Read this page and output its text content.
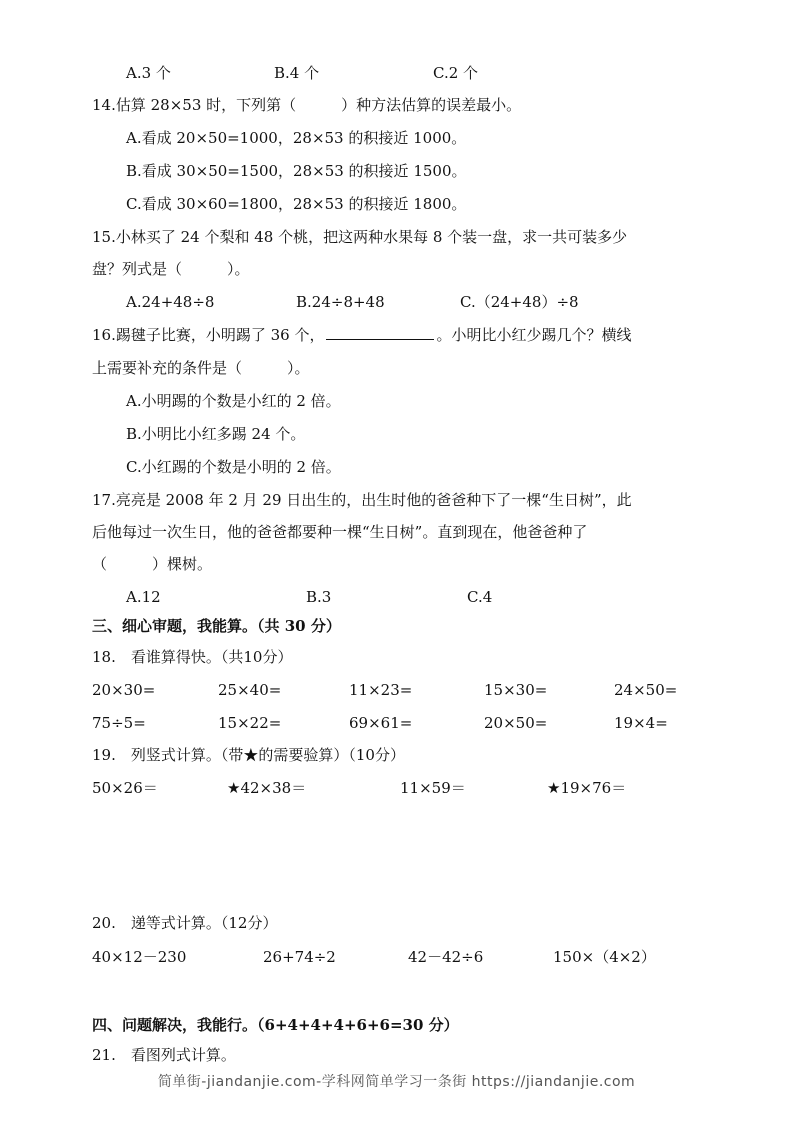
A.3 个	B.4 个	C.2 个
14.估算 28×53 时，下列第（　　　）种方法估算的误差最小。
A.看成 20×50=1000，28×53 的积接近 1000。
B.看成 30×50=1500，28×53 的积接近 1500。
C.看成 30×60=1800，28×53 的积接近 1800。
15.小林买了 24 个梨和 48 个桃，把这两种水果每 8 个装一盘，求一共可装多少
盘？列式是（　　　）。
A.24+48÷8	B.24÷8+48	C.（24+48）÷8
16.踢毽子比赛，小明踢了 36 个，	。小明比小红少踢几个？横线
上需要补充的条件是（　　　）。
A.小明踢的个数是小红的 2 倍。
B.小明比小红多踢 24 个。
C.小红踢的个数是小明的 2 倍。
17.亮亮是 2008 年 2 月 29 日出生的，出生时他的爸爸种下了一棵“生日树”，此
后他每过一次生日，他的爸爸都要种一棵“生日树”。直到现在，他爸爸种了
（　　　）棵树。
A.12	B.3	C.4
三、细心审题，我能算。（共 30 分）
18.　看谁算得快。（共10分）
20×30=	25×40=	11×23=	15×30=	24×50=
75÷5=	15×22=	69×61=	20×50=	19×4=
19.　列竖式计算。（带★的需要验算）（10分）
50×26＝	★42×38＝	11×59＝	★19×76＝
20.　递等式计算。（12分）
40×12－230	26+74÷2	42－42÷6	150×（4×2）
四、问题解决，我能行。（6+4+4+4+6+6=30 分）
21.　看图列式计算。
简单街-jiandanjie.com-学科网简单学习一条街 https://jiandanjie.com
